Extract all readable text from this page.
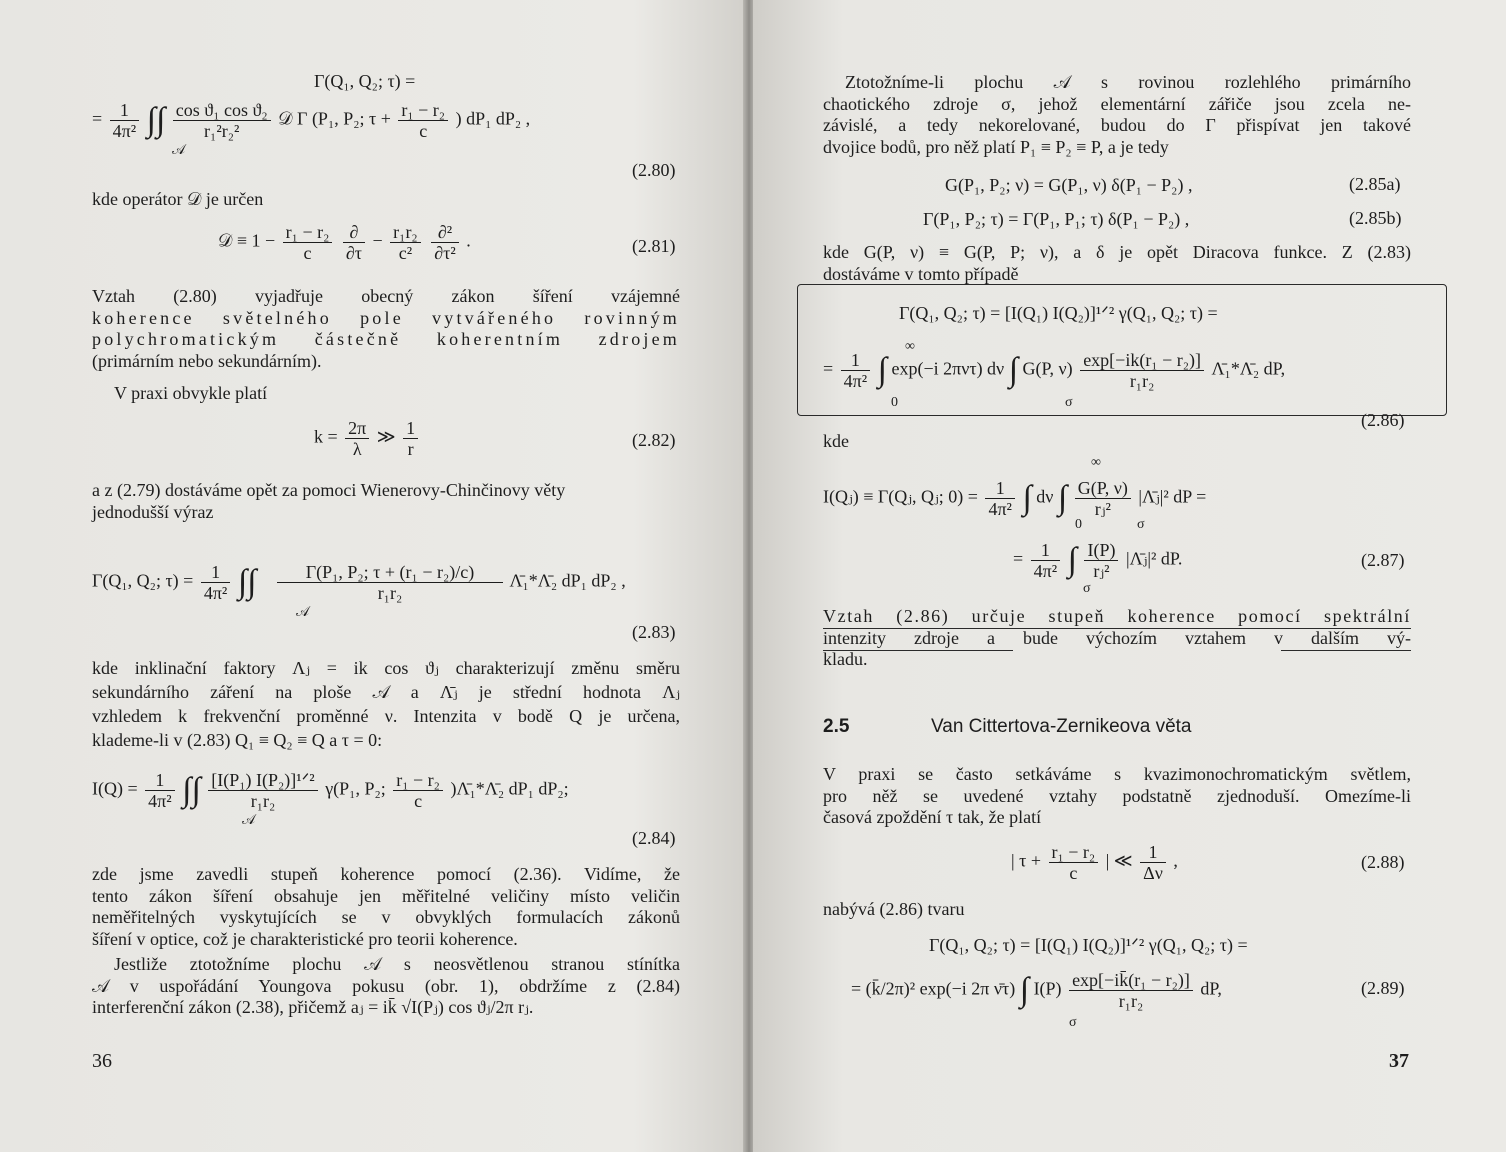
Γ(Q₁, Q₂; τ) =
= $\frac{1}{\text{4π²}}$ ∫∫ $\frac{\text{cos ϑ₁ cos ϑ₂}}{\text{r₁²r₂²}}$ 𝒟 Γ (P₁, P₂; $\tau + \frac{\text{r₁ − r₂}}{c}$ ) dP₁ dP₂ ,
𝒜
(2.80)
kde operátor 𝒟 je určen
𝒟 ≡ $1 - \frac{\text{r₁ − r₂}}{c}$
$\frac{\partial}{\partial\tau} - \frac{\text{r₁r₂}}{\text{c²}}$
$\frac{\text{∂²}}{\text{∂τ²}}$ .	(2.81)
Vztah (2.80) vyjadřuje obecný zákon šíření vzájemné
koherence světelného pole vytvářeného rovinným
polychromatickým částečně koherentním zdrojem
(primárním nebo sekundárním).
V praxi obvykle platí
$k = \frac{2\pi}{\lambda}$ ≫ $\frac{1}{r}$	(2.82)
a z (2.79) dostáváme opět za pomoci Wienerovy-Chinčinovy věty
jednodušší výraz
Γ(Q₁, Q₂; $\tau) = \frac{1}{\text{4π²}}$ ∫∫ $\frac{\text{Γ(P₁, P₂; τ + (r₁ − r₂)/c)}}{\text{r₁r₂}}$ Λ̄₁*Λ̄₂ dP₁ dP₂ ,
𝒜
(2.83)
kde inklinační faktory Λⱼ = ik cos ϑⱼ charakterizují změnu směru
sekundárního záření na ploše 𝒜 a Λ̄ⱼ je střední hodnota Λⱼ
vzhledem k frekvenční proměnné ν. Intenzita v bodě Q je určena,
klademe-li v (2.83) Q₁ ≡ Q₂ ≡ Q a τ = 0:
$I(Q) = \frac{1}{\text{4π²}}$ ∫∫ $\frac{\text{[I(P₁) I(P₂)]¹ᐟ²}}{\text{r₁r₂}} \gamma(P_1$, P₂; $\frac{\text{r₁ − r₂}}{c}$ )Λ̄₁*Λ̄₂ dP₁ dP₂;
𝒜
(2.84)
zde jsme zavedli stupeň koherence pomocí (2.36). Vidíme, že
tento zákon šíření obsahuje jen měřitelné veličiny místo veličin
neměřitelných vyskytujících se v obvyklých formulacích zákonů
šíření v optice, což je charakteristické pro teorii koherence.
Jestliže ztotožníme plochu 𝒜 s neosvětlenou stranou stínítka
𝒜 v uspořádání Youngova pokusu (obr. 1), obdržíme z (2.84)
interferenční zákon (2.38), přičemž aⱼ = ik̄ √I(Pⱼ) cos ϑⱼ/2π rⱼ.
36
Ztotožníme-li plochu 𝒜 s rovinou rozlehlého primárního
chaotického zdroje σ, jehož elementární zářiče jsou zcela ne-
závislé, a tedy nekorelované, budou do Γ přispívat jen takové
dvojice bodů, pro něž platí P₁ ≡ P₂ ≡ P, a je tedy
G(P₁, P₂; ν) = G(P₁, ν) δ(P₁ − P₂) ,	(2.85a)
Γ(P₁, P₂; τ) = Γ(P₁, P₁; τ) δ(P₁ − P₂) ,	(2.85b)
kde G(P, ν) ≡ G(P, P; ν), a δ je opět Diracova funkce. Z (2.83)
dostáváme v tomto případě
Γ(Q₁, Q₂; τ) = [I(Q₁) I(Q₂)]¹ᐟ² γ(Q₁, Q₂; τ) =
= $\frac{1}{\text{4π²}}$ ∫ exp(−i 2πντ) dν ∫ G(P, $\nu) \frac{\text{exp[−ik(r₁ − r₂)]}}{\text{r₁r₂}}$ Λ̄₁*Λ̄₂ dP,
∞
0	σ
(2.86)
kde
I(Qⱼ) ≡ Γ(Qⱼ, Qⱼ; $0) = \frac{1}{\text{4π²}}$ ∫ dν ∫ $\frac{G(P, \nu)}{\text{rⱼ²}}$ |Λ̄ⱼ|² dP =
∞
0	σ
= $\frac{1}{\text{4π²}}$ ∫ $\frac{I(P)}{\text{rⱼ²}}$ |Λ̄ⱼ|² dP.
σ
(2.87)
Vztah (2.86) určuje stupeň koherence pomocí spektrální
intenzity zdroje a bude výchozím vztahem v dalším vý-
kladu.
2.5	Van Cittertova-Zernikeova věta
V praxi se často setkáváme s kvazimonochromatickým světlem,
pro něž se uvedené vztahy podstatně zjednoduší. Omezíme-li
časová zpoždění τ tak, že platí
| $\tau + \frac{\text{r₁ − r₂}}{c}$ | ≪ $\frac{1}{\Delta\nu}$ ,	(2.88)
nabývá (2.86) tvaru
Γ(Q₁, Q₂; τ) = [I(Q₁) I(Q₂)]¹ᐟ² γ(Q₁, Q₂; τ) =
= (k̄/2π)² exp(−i 2π ν̄τ) ∫ $I(P) \frac{\text{exp[−ik̄(r₁ − r₂)]}}{\text{r₁r₂}}$ dP,
σ
(2.89)
37
